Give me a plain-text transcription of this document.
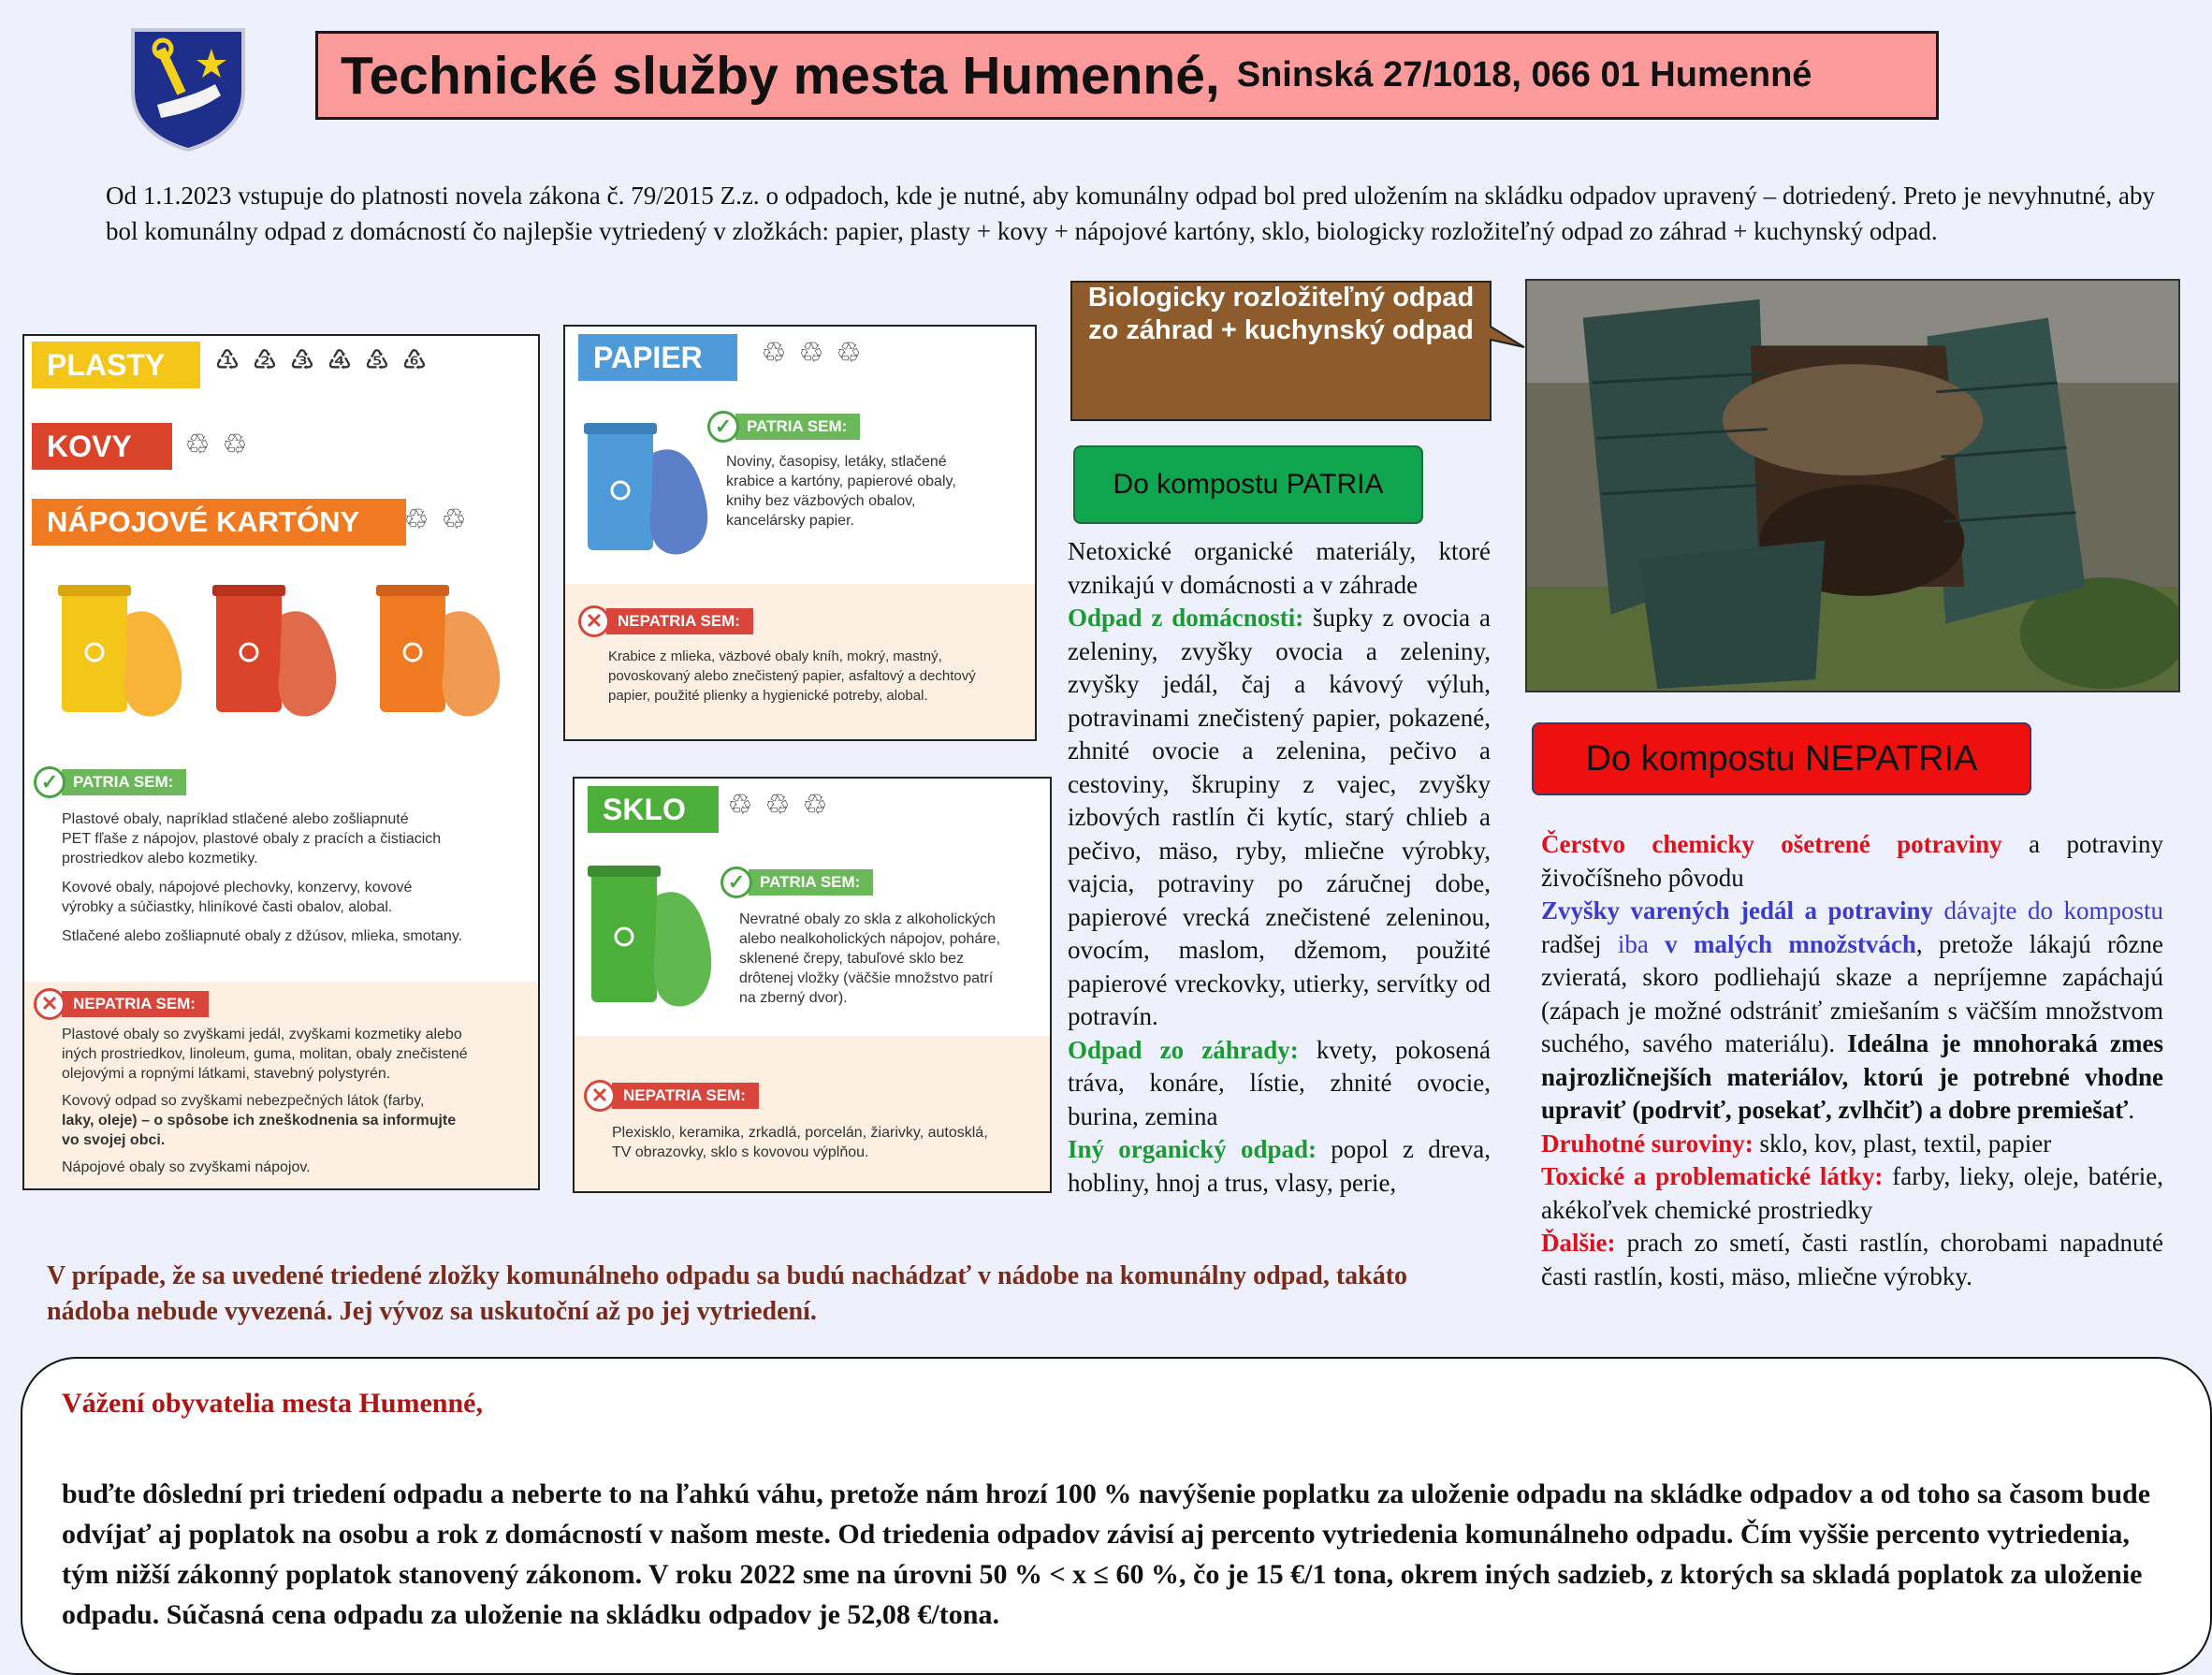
Technické služby mesta Humenné, Sninská 27/1018, 066 01 Humenné
Od 1.1.2023 vstupuje do platnosti novela zákona č. 79/2015 Z.z. o odpadoch, kde je nutné, aby komunálny odpad bol pred uložením na skládku odpadov upravený – dotriedený. Preto je nevyhnutné, aby bol komunálny odpad z domácností čo najlepšie vytriedený v zložkách: papier, plasty + kovy + nápojové kartóny, sklo, biologicky rozložiteľný odpad zo záhrad + kuchynský odpad.
PLASTY ♳ ♴ ♵ ♶ ♷ ♸
KOVY ♲ ♲
NÁPOJOVÉ KARTÓNY ♲ ♲
✓ PATRIA SEM:
Plastové obaly, napríklad stlačené alebo zošliapnuté
PET fľaše z nápojov, plastové obaly z pracích a čistiacich
prostriedkov alebo kozmetiky.
Kovové obaly, nápojové plechovky, konzervy, kovové
výrobky a súčiastky, hliníkové časti obalov, alobal.
Stlačené alebo zošliapnuté obaly z džúsov, mlieka, smotany.
✕ NEPATRIA SEM:
Plastové obaly so zvyškami jedál, zvyškami kozmetiky alebo
iných prostriedkov, linoleum, guma, molitan, obaly znečistené
olejovými a ropnými látkami, stavebný polystyrén.
Kovový odpad so zvyškami nebezpečných látok (farby,
laky, oleje) – o spôsobe ich zneškodnenia sa informujte
vo svojej obci.
Nápojové obaly so zvyškami nápojov.
PAPIER ♲ ♲ ♲
✓ PATRIA SEM:
Noviny, časopisy, letáky, stlačené
krabice a kartóny, papierové obaly,
knihy bez väzbových obalov,
kancelársky papier.
✕ NEPATRIA SEM:
Krabice z mlieka, väzbové obaly kníh, mokrý, mastný,
povoskovaný alebo znečistený papier, asfaltový a dechtový
papier, použité plienky a hygienické potreby, alobal.
SKLO ♲ ♲ ♲
✓ PATRIA SEM:
Nevratné obaly zo skla z alkoholických
alebo nealkoholických nápojov, poháre,
sklenené črepy, tabuľové sklo bez
drôtenej vložky (väčšie množstvo patrí
na zberný dvor).
✕ NEPATRIA SEM:
Plexisklo, keramika, zrkadlá, porcelán, žiarivky, autosklá,
TV obrazovky, sklo s kovovou výplňou.
Biologicky rozložiteľný odpad zo záhrad + kuchynský odpad
Do kompostu PATRIA
Netoxické organické materiály, ktoré vznikajú v domácnosti a v záhrade
Odpad z domácnosti: šupky z ovocia a zeleniny, zvyšky ovocia a zeleniny, zvyšky jedál, čaj a kávový výluh, potravinami znečistený papier, pokazené, zhnité ovocie a zelenina, pečivo a cestoviny, škrupiny z vajec, zvyšky izbových rastlín či kytíc, starý chlieb a pečivo, mäso, ryby, mliečne výrobky, vajcia, potraviny po záručnej dobe, papierové vrecká znečistené zeleninou, ovocím, maslom, džemom, použité papierové vreckovky, utierky, servítky od potravín.
Odpad zo záhrady: kvety, pokosená tráva, konáre, lístie, zhnité ovocie, burina, zemina
Iný organický odpad: popol z dreva, hobliny, hnoj a trus, vlasy, perie,
Do kompostu NEPATRIA
Čerstvo chemicky ošetrené potraviny a potraviny živočíšneho pôvodu
Zvyšky varených jedál a potraviny dávajte do kompostu radšej iba v malých množstvách, pretože lákajú rôzne zvieratá, skoro podliehajú skaze a nepríjemne zapáchajú (zápach je možné odstrániť zmiešaním s väčším množstvom suchého, savého materiálu). Ideálna je mnohoraká zmes najrozličnejších materiálov, ktorú je potrebné vhodne upraviť (podrviť, posekať, zvlhčiť) a dobre premiešať.
Druhotné suroviny: sklo, kov, plast, textil, papier
Toxické a problematické látky: farby, lieky, oleje, batérie, akékoľvek chemické prostriedky
Ďalšie: prach zo smetí, časti rastlín, chorobami napadnuté časti rastlín, kosti, mäso, mliečne výrobky.
V prípade, že sa uvedené triedené zložky komunálneho odpadu sa budú nachádzať v nádobe na komunálny odpad, takáto nádoba nebude vyvezená. Jej vývoz sa uskutoční až po jej vytriedení.
Vážení obyvatelia mesta Humenné,
buďte dôslední pri triedení odpadu a neberte to na ľahkú váhu, pretože nám hrozí 100 % navýšenie poplatku za uloženie odpadu na skládke odpadov a od toho sa časom bude odvíjať aj poplatok na osobu a rok z domácností v našom meste. Od triedenia odpadov závisí aj percento vytriedenia komunálneho odpadu. Čím vyššie percento vytriedenia, tým nižší zákonný poplatok stanovený zákonom. V roku 2022 sme na úrovni 50 % < x ≤ 60 %, čo je 15 €/1 tona, okrem iných sadzieb, z ktorých sa skladá poplatok za uloženie odpadu. Súčasná cena odpadu za uloženie na skládku odpadov je 52,08 €/tona.
